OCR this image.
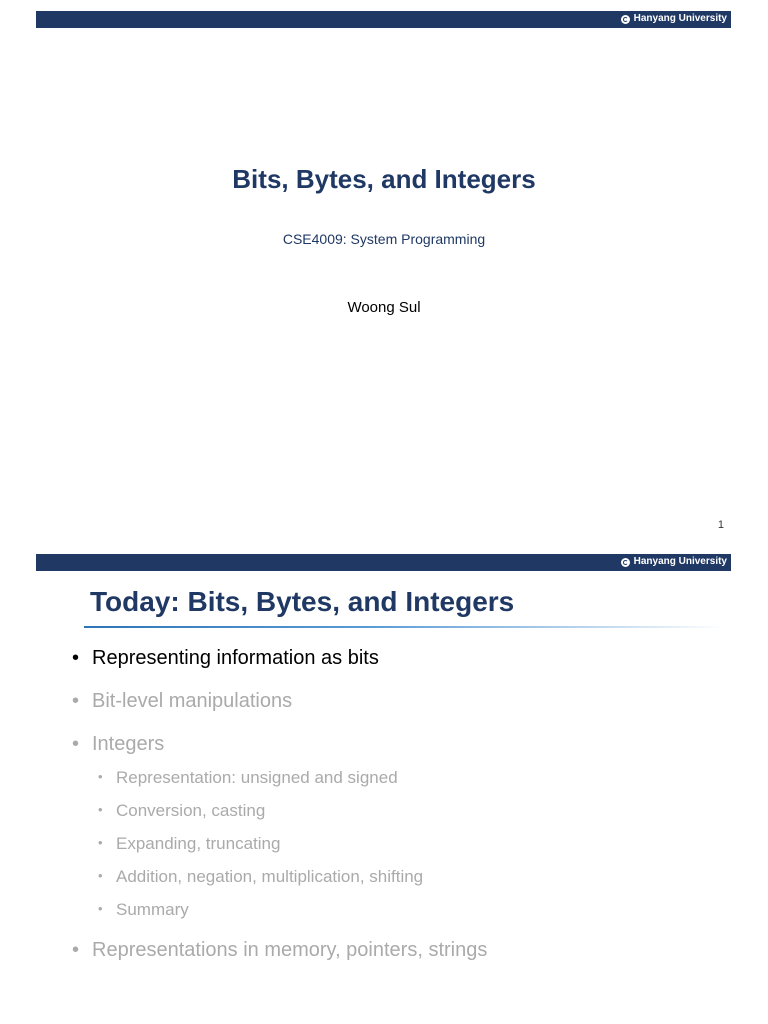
Hanyang University
Bits, Bytes, and Integers
CSE4009: System Programming
Woong Sul
1
Hanyang University
Today: Bits, Bytes, and Integers
• Representing information as bits
• Bit-level manipulations
• Integers
• Representation: unsigned and signed
• Conversion, casting
• Expanding, truncating
• Addition, negation, multiplication, shifting
• Summary
• Representations in memory, pointers, strings
